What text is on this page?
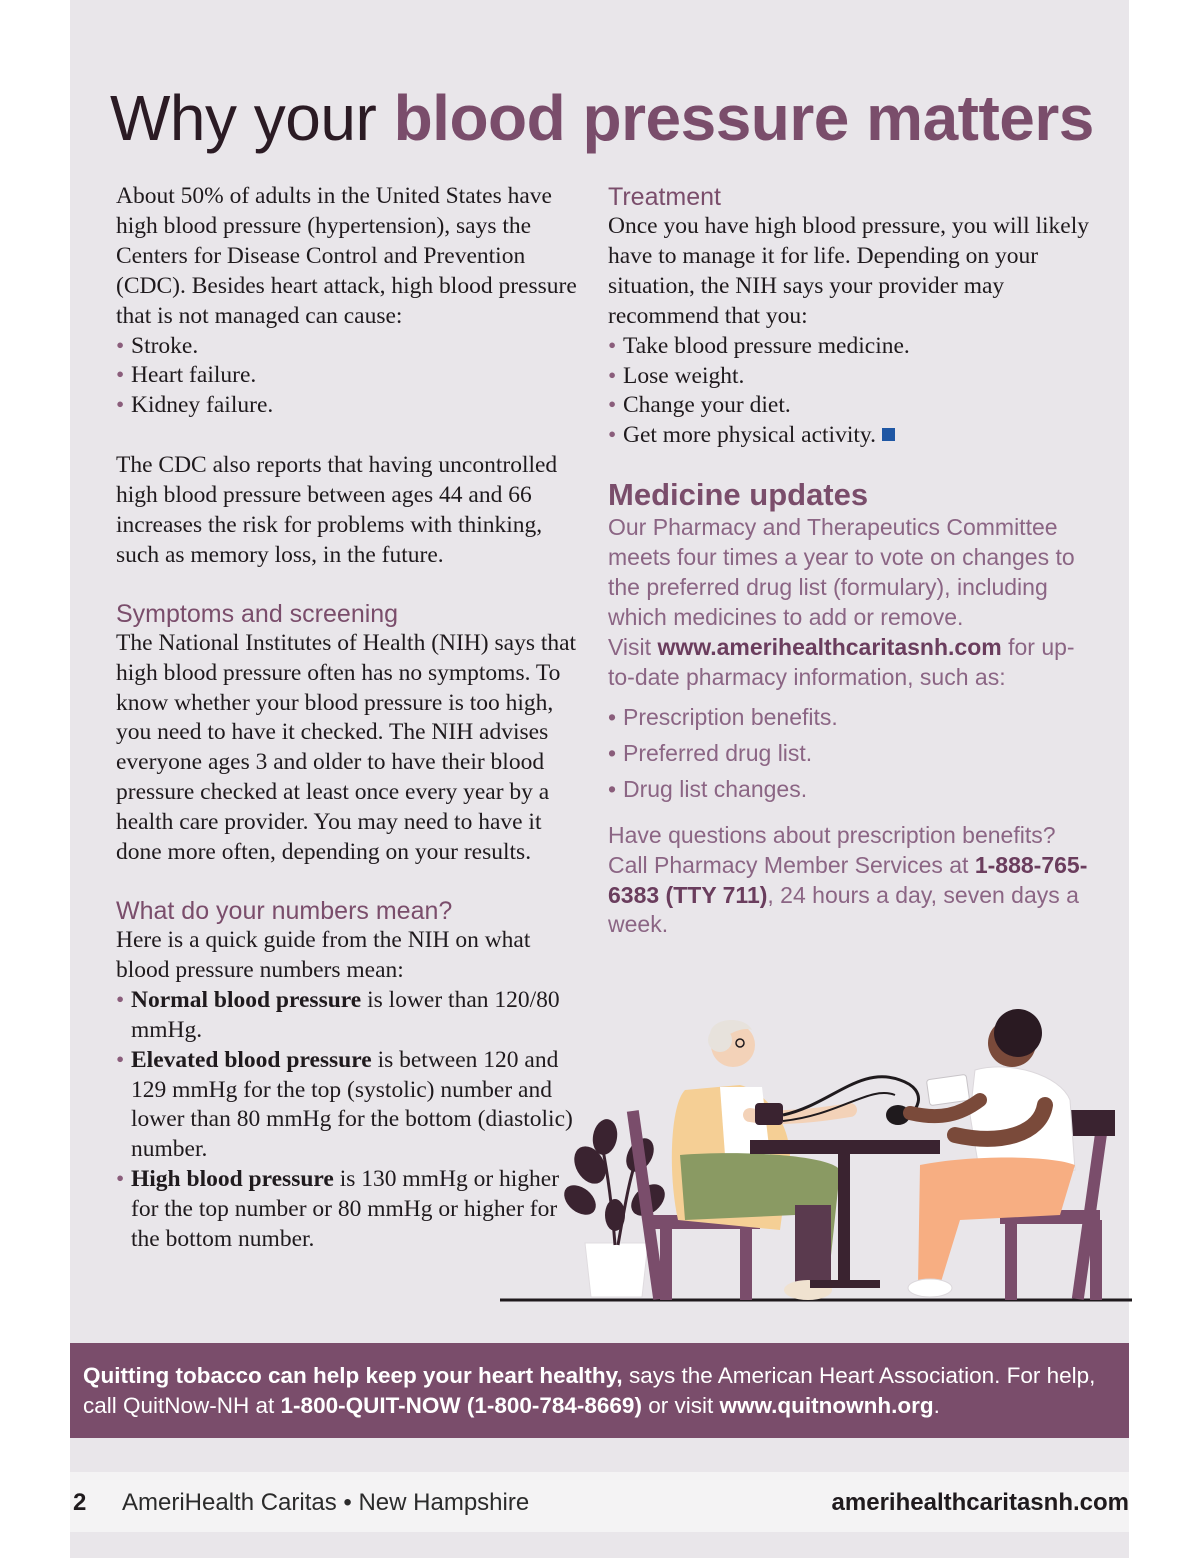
Why your blood pressure matters

About 50% of adults in the United States have high blood pressure (hypertension), says the Centers for Disease Control and Prevention (CDC). Besides heart attack, high blood pressure that is not managed can cause:

• Stroke.
• Heart failure.
• Kidney failure.

The CDC also reports that having uncontrolled high blood pressure between ages 44 and 66 increases the risk for problems with thinking, such as memory loss, in the future.

Symptoms and screening

The National Institutes of Health (NIH) says that high blood pressure often has no symptoms. To know whether your blood pressure is too high, you need to have it checked. The NIH advises everyone ages 3 and older to have their blood pressure checked at least once every year by a health care provider. You may need to have it done more often, depending on your results.

What do your numbers mean?

Here is a quick guide from the NIH on what blood pressure numbers mean:

• Normal blood pressure is lower than 120/80 mmHg.
• Elevated blood pressure is between 120 and 129 mmHg for the top (systolic) number and lower than 80 mmHg for the bottom (diastolic) number.
• High blood pressure is 130 mmHg or higher for the top number or 80 mmHg or higher for the bottom number.
Treatment

Once you have high blood pressure, you will likely have to manage it for life. Depending on your situation, the NIH says your provider may recommend that you:

• Take blood pressure medicine.
• Lose weight.
• Change your diet.
• Get more physical activity.
Medicine updates

Our Pharmacy and Therapeutics Committee meets four times a year to vote on changes to the preferred drug list (formulary), including which medicines to add or remove.

Visit www.amerihealthcaritasnh.com for up-to-date pharmacy information, such as:

• Prescription benefits.
• Preferred drug list.
• Drug list changes.

Have questions about prescription benefits? Call Pharmacy Member Services at 1-888-765-6383 (TTY 711), 24 hours a day, seven days a week.

Quitting tobacco can help keep your heart healthy, says the American Heart Association. For help, call QuitNow-NH at 1-800-QUIT-NOW (1-800-784-8669) or visit www.quitnownh.org.
2 AmeriHealth Caritas • New Hampshire	amerihealthcaritasnh.com
